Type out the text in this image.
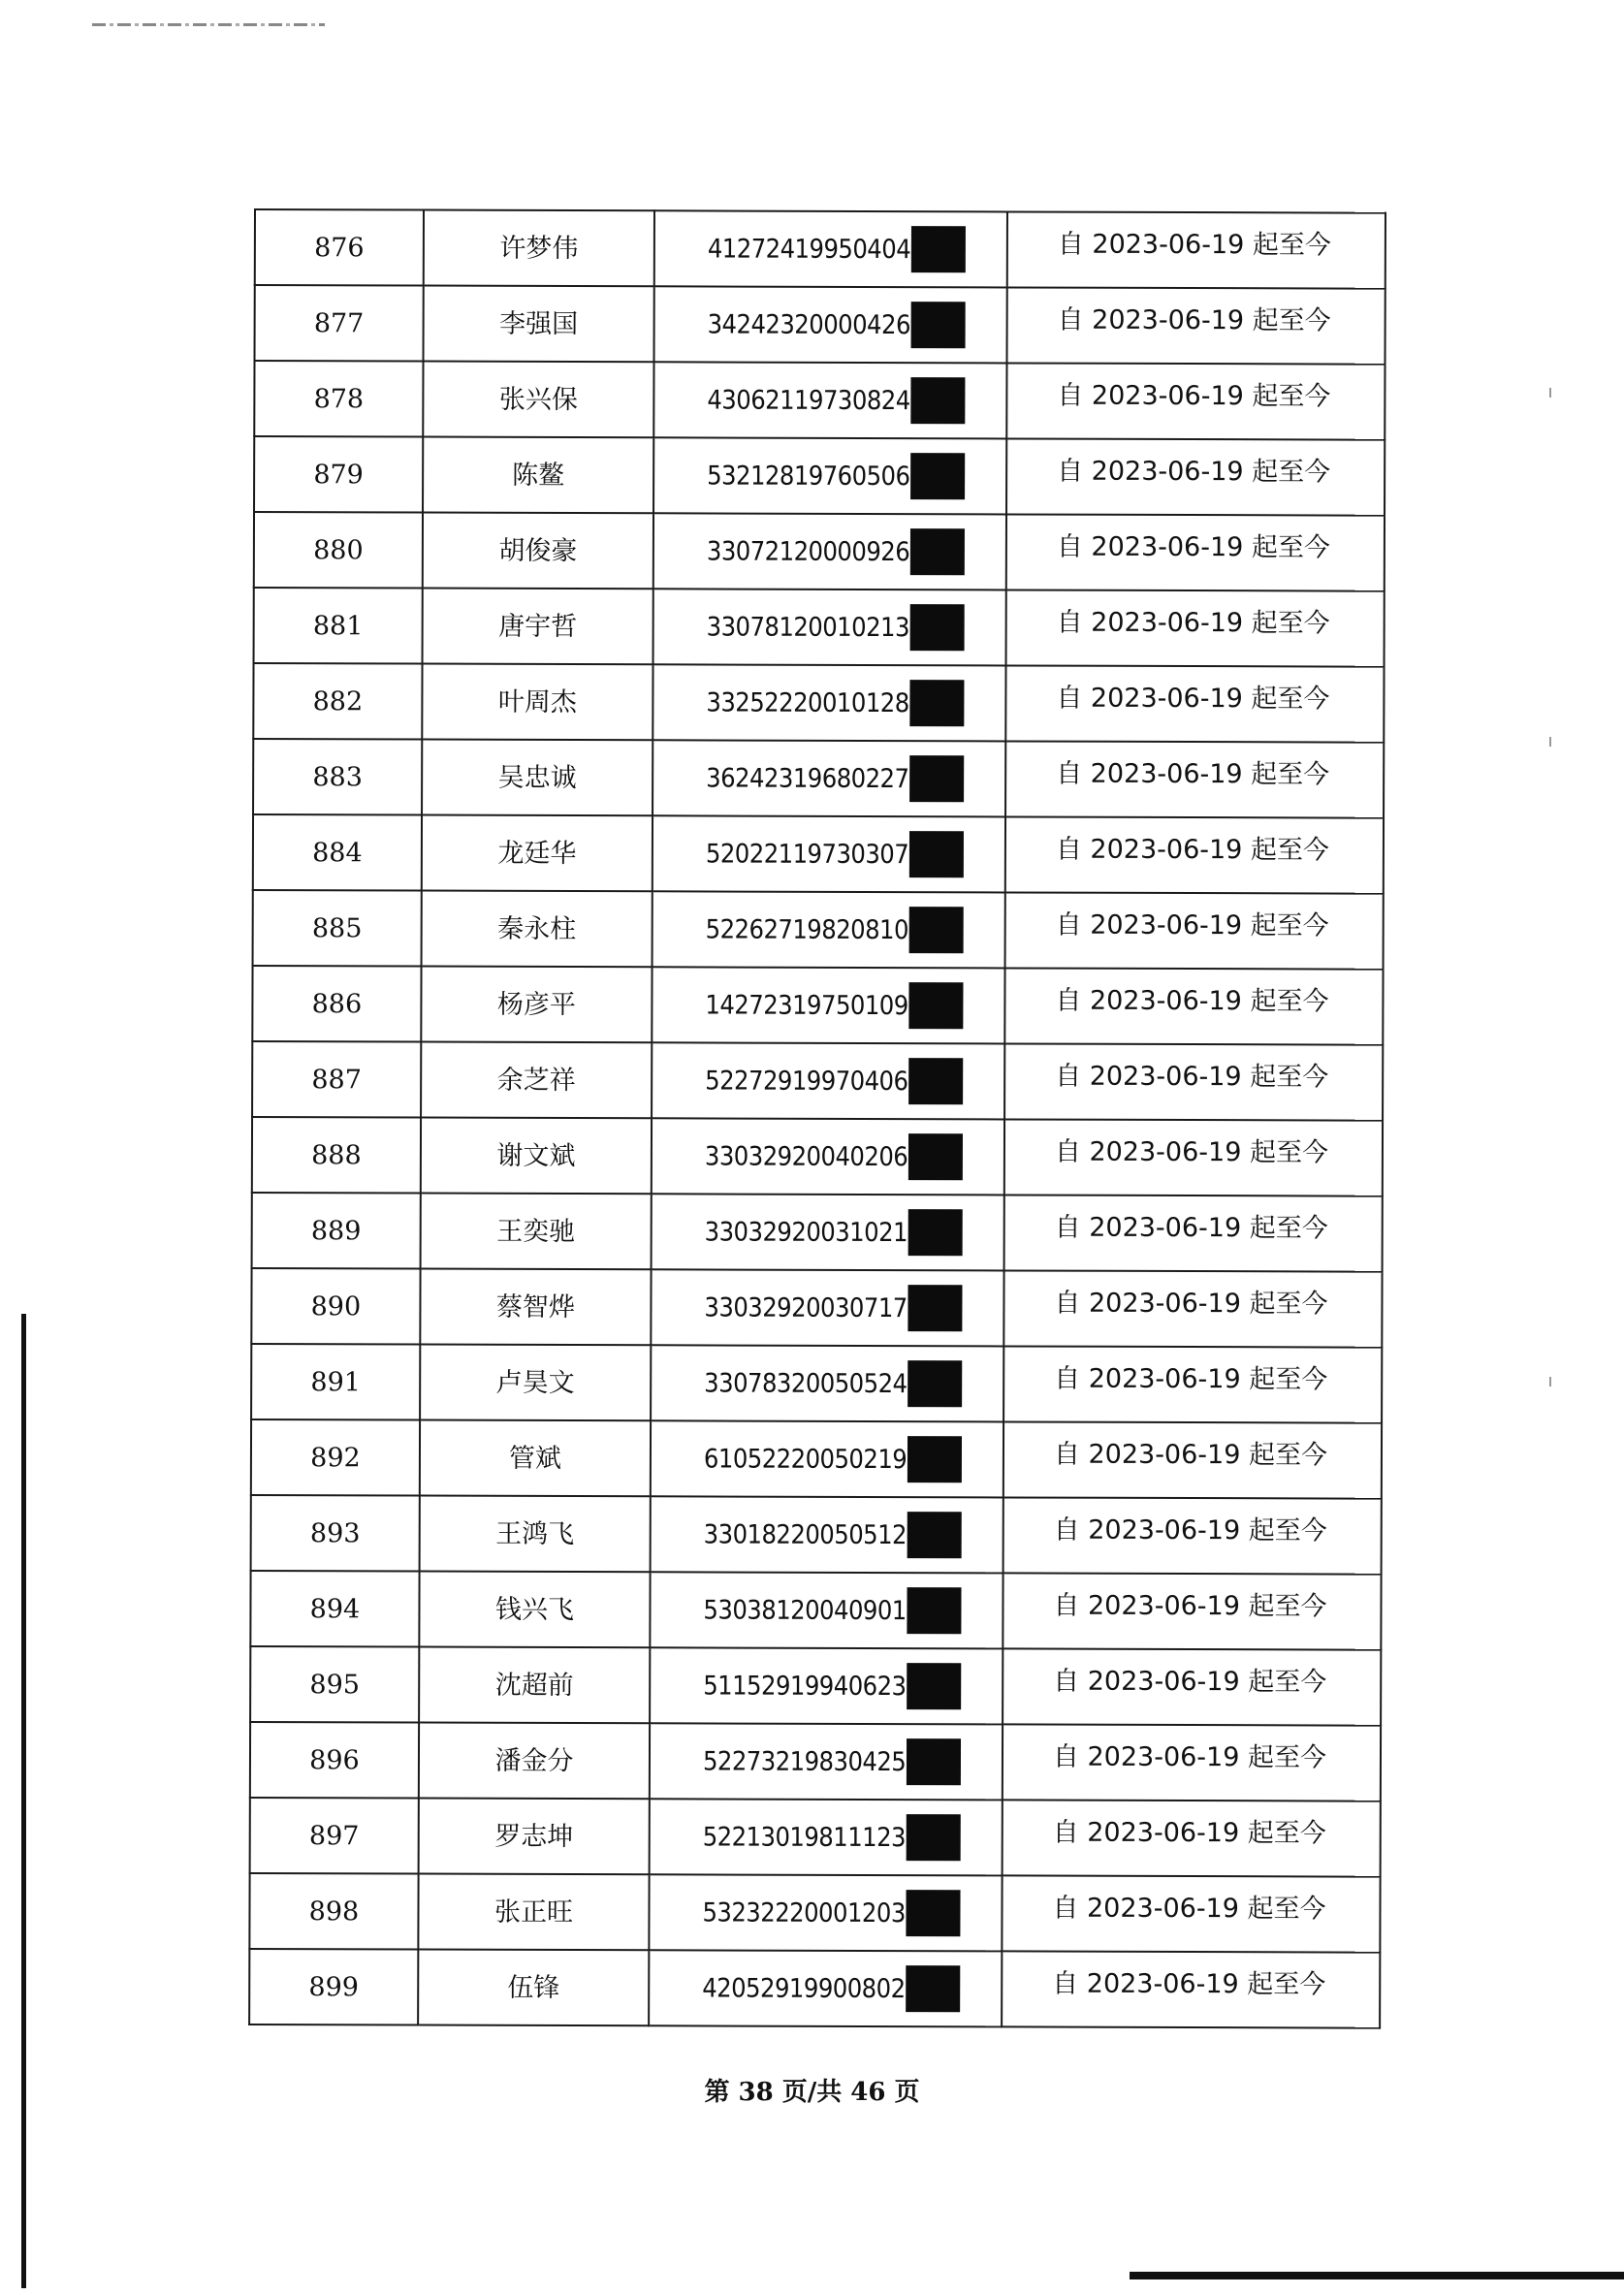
876	许梦伟	41272419950404	自 2023-06-19 起至今
877	李强国	34242320000426	自 2023-06-19 起至今
878	张兴保	43062119730824	自 2023-06-19 起至今
879	陈鳌	53212819760506	自 2023-06-19 起至今
880	胡俊豪	33072120000926	自 2023-06-19 起至今
881	唐宇哲	33078120010213	自 2023-06-19 起至今
882	叶周杰	33252220010128	自 2023-06-19 起至今
883	吴忠诚	36242319680227	自 2023-06-19 起至今
884	龙廷华	52022119730307	自 2023-06-19 起至今
885	秦永柱	52262719820810	自 2023-06-19 起至今
886	杨彦平	14272319750109	自 2023-06-19 起至今
887	余芝祥	52272919970406	自 2023-06-19 起至今
888	谢文斌	33032920040206	自 2023-06-19 起至今
889	王奕驰	33032920031021	自 2023-06-19 起至今
890	蔡智烨	33032920030717	自 2023-06-19 起至今
891	卢昊文	33078320050524	自 2023-06-19 起至今
892	管斌	61052220050219	自 2023-06-19 起至今
893	王鸿飞	33018220050512	自 2023-06-19 起至今
894	钱兴飞	53038120040901	自 2023-06-19 起至今
895	沈超前	51152919940623	自 2023-06-19 起至今
896	潘金分	52273219830425	自 2023-06-19 起至今
897	罗志坤	52213019811123	自 2023-06-19 起至今
898	张正旺	53232220001203	自 2023-06-19 起至今
899	伍锋	42052919900802	自 2023-06-19 起至今
第 38 页/共 46 页
